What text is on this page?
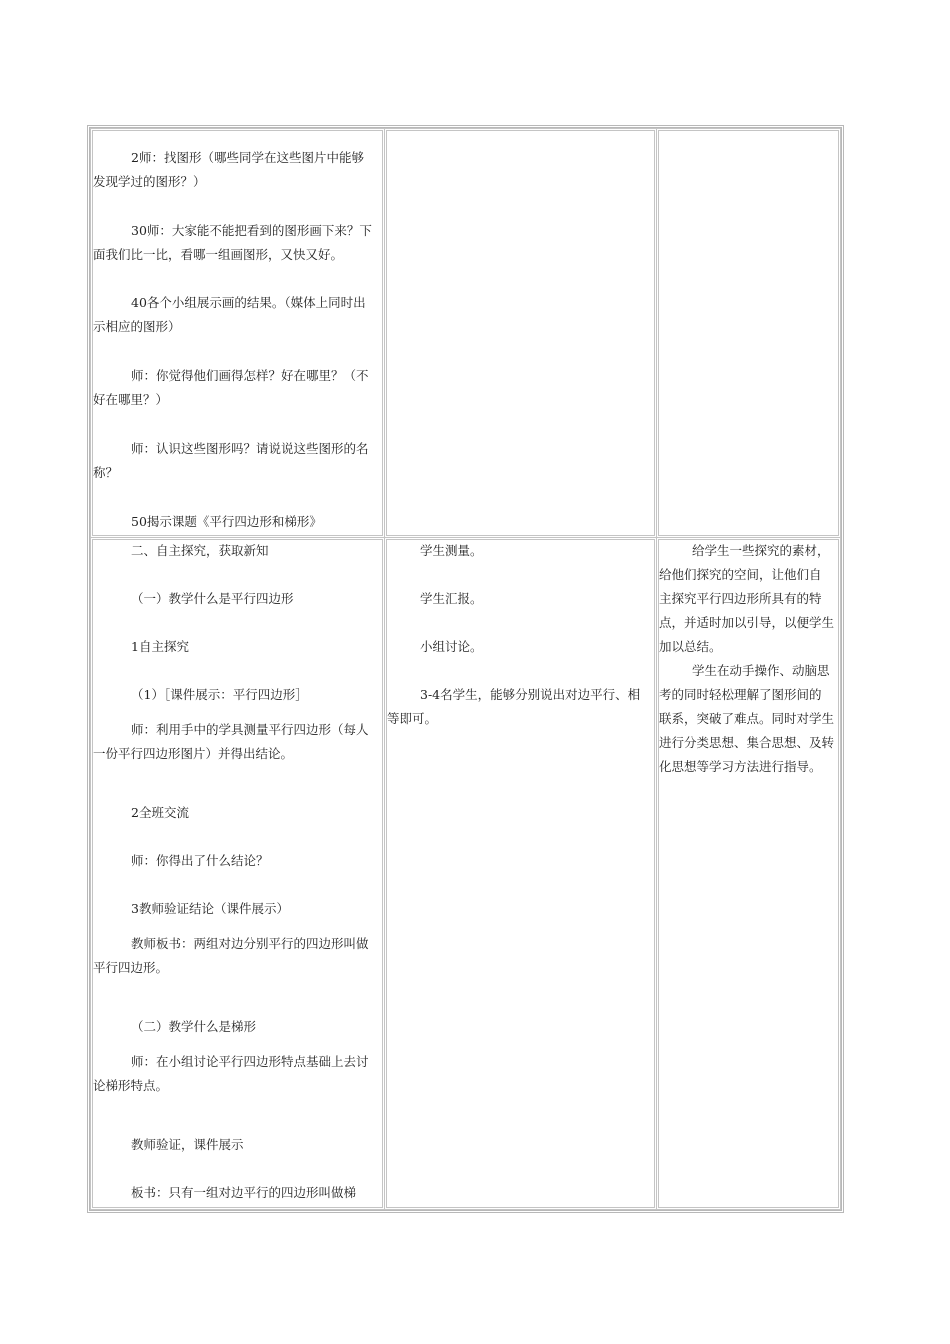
2师：找图形（哪些同学在这些图片中能够
发现学过的图形？）
30师：大家能不能把看到的图形画下来？下
面我们比一比，看哪一组画图形，又快又好。
40各个小组展示画的结果。（媒体上同时出
示相应的图形）
师：你觉得他们画得怎样？好在哪里？（不
好在哪里？）
师：认识这些图形吗？请说说这些图形的名
称？
50揭示课题《平行四边形和梯形》
二、自主探究，获取新知
（一）教学什么是平行四边形
1自主探究
（1）［课件展示：平行四边形］
师：利用手中的学具测量平行四边形（每人
一份平行四边形图片）并得出结论。
2全班交流
师：你得出了什么结论？
3教师验证结论（课件展示）
教师板书：两组对边分别平行的四边形叫做
平行四边形。
（二）教学什么是梯形
师：在小组讨论平行四边形特点基础上去讨
论梯形特点。
教师验证，课件展示
板书：只有一组对边平行的四边形叫做梯
学生测量。
学生汇报。
小组讨论。
3-4名学生，能够分别说出对边平行、相
等即可。
给学生一些探究的素材，
给他们探究的空间，让他们自
主探究平行四边形所具有的特
点，并适时加以引导，以便学生
加以总结。
学生在动手操作、动脑思
考的同时轻松理解了图形间的
联系，突破了难点。同时对学生
进行分类思想、集合思想、及转
化思想等学习方法进行指导。
